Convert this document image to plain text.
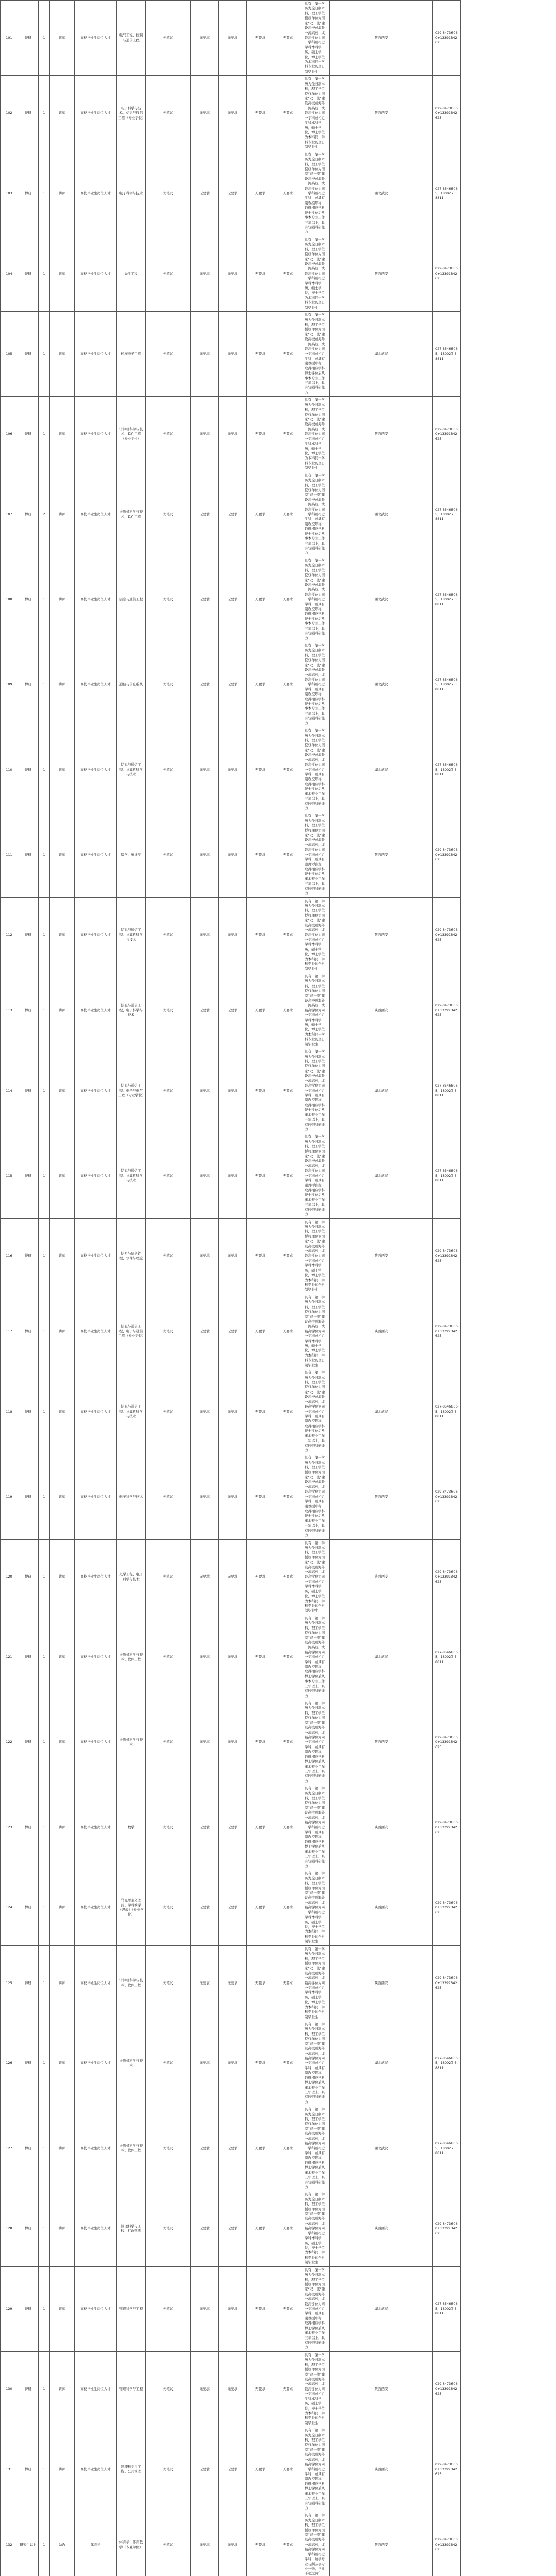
101	博研	1	讲师	高校毕业生岗位人才	电气工程、控制与通信工程	先笔试	无要求	无要求	无要求	无要求	具有：第一学历为全日制本科，理工学位授权单位为国家“双一流”建设高校或海外一流高校；或最高学位为同一学科或相近学科本科学历，硕士学位，博士学位为本科同一学科专业的全日制毕业生	陕西西安	029-84736060+13399342625
102	博研	1	讲师	高校毕业生岗位人才	电子科学与技术、信息与通信工程（专业学位）	先笔试	无要求	无要求	无要求	无要求	具有：第一学历为全日制本科，理工学位授权单位为国家“双一流”建设高校或海外一流高校；或最高学位为同一学科或相近学科本科学历，硕士学位，博士学位为本科同一学科专业的全日制毕业生	陕西西安	029-84736060+13399342625
103	博研	1	讲师	高校毕业生岗位人才	电子科学与技术	先笔试	无要求	无要求	无要求	无要求	具有：第一学历为全日制本科，理工学位授权单位为国家“双一流”建设高校或海外一流高校，或最高学位为同一学科或相近学科；或具有副教授职称，取得相应学科博士学位后从事本专业工作三年以上，具有较强科研能力	湖北武汉	027-85468065，180027 38811
104	博研	1	讲师	高校毕业生岗位人才	光学工程	先笔试	无要求	无要求	无要求	无要求	具有：第一学历为全日制本科，理工学位授权单位为国家“双一流”建设高校或海外一流高校；或最高学位为同一学科或相近学科本科学历，硕士学位，博士学位为本科同一学科专业的全日制毕业生	陕西西安	029-84736060+13399342625
105	博研	1	讲师	高校毕业生岗位人才	机械电子工程	先笔试	无要求	无要求	无要求	无要求	具有：第一学历为全日制本科，理工学位授权单位为国家“双一流”建设高校或海外一流高校，或最高学位为同一学科或相近学科；或具有副教授职称，取得相应学科博士学位后从事本专业工作三年以上，具有较强科研能力	湖北武汉	027-85468065，180027 38811
106	博研	1	讲师	高校毕业生岗位人才	计算机科学与技术、软件工程（专业学位）	先笔试	无要求	无要求	无要求	无要求	具有：第一学历为全日制本科，理工学位授权单位为国家“双一流”建设高校或海外一流高校；或最高学位为同一学科或相近学科本科学历，硕士学位，博士学位为本科同一学科专业的全日制毕业生	陕西西安	029-84736060+13399342625
107	博研	2	讲师	高校毕业生岗位人才	计算机科学与技术、软件工程	先笔试	无要求	无要求	无要求	无要求	具有：第一学历为全日制本科，理工学位授权单位为国家“双一流”建设高校或海外一流高校，或最高学位为同一学科或相近学科；或具有副教授职称，取得相应学科博士学位后从事本专业工作三年以上，具有较强科研能力	湖北武汉	027-85468065，180027 38811
108	博研	1	讲师	高校毕业生岗位人才	信息与通信工程	先笔试	无要求	无要求	无要求	无要求	具有：第一学历为全日制本科，理工学位授权单位为国家“双一流”建设高校或海外一流高校，或最高学位为同一学科或相近学科；或具有副教授职称，取得相应学科博士学位后从事本专业工作三年以上，具有较强科研能力	湖北武汉	027-85468065，180027 38811
109	博研	1	讲师	高校毕业生岗位人才	通信与信息系统	先笔试	无要求	无要求	无要求	无要求	具有：第一学历为全日制本科，理工学位授权单位为国家“双一流”建设高校或海外一流高校，或最高学位为同一学科或相近学科；或具有副教授职称，取得相应学科博士学位后从事本专业工作三年以上，具有较强科研能力	湖北武汉	027-85468065，180027 38811
110	博研	1	讲师	高校毕业生岗位人才	信息与通信工程、计算机科学与技术	先笔试	无要求	无要求	无要求	无要求	具有：第一学历为全日制本科，理工学位授权单位为国家“双一流”建设高校或海外一流高校，或最高学位为同一学科或相近学科；或具有副教授职称，取得相应学科博士学位后从事本专业工作三年以上，具有较强科研能力	湖北武汉	027-85468065，180027 38811
111	博研	1	讲师	高校毕业生岗位人才	数学、统计学	先笔试	无要求	无要求	无要求	无要求	具有：第一学历为全日制本科，理工学位授权单位为国家“双一流”建设高校或海外一流高校，或最高学位为同一学科或相近学科；或具有副教授职称，取得相应学科博士学位后从事本专业工作三年以上，具有较强科研能力	陕西西安	029-84736060+13399342625
112	博研	1	讲师	高校毕业生岗位人才	信息与通信工程、计算机科学与技术	先笔试	无要求	无要求	无要求	无要求	具有：第一学历为全日制本科，理工学位授权单位为国家“双一流”建设高校或海外一流高校；或最高学位为同一学科或相近学科本科学历，硕士学位，博士学位为本科同一学科专业的全日制毕业生	陕西西安	029-84736060+13399342625
113	博研	1	讲师	高校毕业生岗位人才	信息与通信工程、电子科学与技术	先笔试	无要求	无要求	无要求	无要求	具有：第一学历为全日制本科，理工学位授权单位为国家“双一流”建设高校或海外一流高校；或最高学位为同一学科或相近学科本科学历，硕士学位，博士学位为本科同一学科专业的全日制毕业生	陕西西安	029-84736060+13399342625
114	博研	1	讲师	高校毕业生岗位人才	信息与通信工程、电子与电气工程（专业学位）	先笔试	无要求	无要求	无要求	无要求	具有：第一学历为全日制本科，理工学位授权单位为国家“双一流”建设高校或海外一流高校，或最高学位为同一学科或相近学科；或具有副教授职称，取得相应学科博士学位后从事本专业工作三年以上，具有较强科研能力	湖北武汉	027-85468065，180027 38811
115	博研	1	讲师	高校毕业生岗位人才	信息与通信工程、计算机科学与技术	先笔试	无要求	无要求	无要求	无要求	具有：第一学历为全日制本科，理工学位授权单位为国家“双一流”建设高校或海外一流高校，或最高学位为同一学科或相近学科；或具有副教授职称，取得相应学科博士学位后从事本专业工作三年以上，具有较强科研能力	湖北武汉	027-85468065，180027 38811
116	博研	1	讲师	高校毕业生岗位人才	信号与信息处理、软件与理论	先笔试	无要求	无要求	无要求	无要求	具有：第一学历为全日制本科，理工学位授权单位为国家“双一流”建设高校或海外一流高校；或最高学位为同一学科或相近学科本科学历，硕士学位，博士学位为本科同一学科专业的全日制毕业生	陕西西安	029-84736060+13399342625
117	博研	1	讲师	高校毕业生岗位人才	信息与通信工程、电子与通信工程（专业学位）	先笔试	无要求	无要求	无要求	无要求	具有：第一学历为全日制本科，理工学位授权单位为国家“双一流”建设高校或海外一流高校；或最高学位为同一学科或相近学科本科学历，硕士学位，博士学位为本科同一学科专业的全日制毕业生	陕西西安	029-84736060+13399342625
118	博研	1	讲师	高校毕业生岗位人才	信息与通信工程、计算机科学与技术	先笔试	无要求	无要求	无要求	无要求	具有：第一学历为全日制本科，理工学位授权单位为国家“双一流”建设高校或海外一流高校，或最高学位为同一学科或相近学科；或具有副教授职称，取得相应学科博士学位后从事本专业工作三年以上，具有较强科研能力	湖北武汉	027-85468065，180027 38811
119	博研	1	讲师	高校毕业生岗位人才	电子科学与技术	先笔试	无要求	无要求	无要求	无要求	具有：第一学历为全日制本科，理工学位授权单位为国家“双一流”建设高校或海外一流高校，或最高学位为同一学科或相近学科；或具有副教授职称，取得相应学科博士学位后从事本专业工作三年以上，具有较强科研能力	陕西西安	029-84736060+13399342625
120	博研	1	讲师	高校毕业生岗位人才	光学工程、电子科学与技术	先笔试	无要求	无要求	无要求	无要求	具有：第一学历为全日制本科，理工学位授权单位为国家“双一流”建设高校或海外一流高校；或最高学位为同一学科或相近学科本科学历，硕士学位，博士学位为本科同一学科专业的全日制毕业生	陕西西安	029-84736060+13399342625
121	博研	1	讲师	高校毕业生岗位人才	计算机科学与技术、软件工程	先笔试	无要求	无要求	无要求	无要求	具有：第一学历为全日制本科，理工学位授权单位为国家“双一流”建设高校或海外一流高校，或最高学位为同一学科或相近学科；或具有副教授职称，取得相应学科博士学位后从事本专业工作三年以上，具有较强科研能力	湖北武汉	027-85468065，180027 38811
122	博研	1	讲师	高校毕业生岗位人才	计算机科学与技术	先笔试	无要求	无要求	无要求	无要求	具有：第一学历为全日制本科，理工学位授权单位为国家“双一流”建设高校或海外一流高校，或最高学位为同一学科或相近学科；或具有副教授职称，取得相应学科博士学位后从事本专业工作三年以上，具有较强科研能力	陕西西安	029-84736060+13399342625
123	博研	1	讲师	高校毕业生岗位人才	数学	先笔试	无要求	无要求	无要求	无要求	具有：第一学历为全日制本科，理工学位授权单位为国家“双一流”建设高校或海外一流高校，或最高学位为同一学科或相近学科；或具有副教授职称，取得相应学科博士学位后从事本专业工作三年以上，具有较强科研能力	陕西西安	029-84736060+13399342625
124	博研	1	讲师	高校毕业生岗位人才	马克思主义理论、学科教学（思政）（专业学位）	先笔试	无要求	无要求	无要求	无要求	具有：第一学历为全日制本科，理工学位授权单位为国家“双一流”建设高校或海外一流高校；或最高学位为同一学科或相近学科本科学历，硕士学位，博士学位为本科同一学科专业的全日制毕业生	陕西西安	029-84736060+13399342625
125	博研	1	讲师	高校毕业生岗位人才	计算机科学与技术、软件工程	先笔试	无要求	无要求	无要求	无要求	具有：第一学历为全日制本科，理工学位授权单位为国家“双一流”建设高校或海外一流高校；或最高学位为同一学科或相近学科本科学历，硕士学位，博士学位为本科同一学科专业的全日制毕业生	陕西西安	029-84736060+13399342625
126	博研	1	讲师	高校毕业生岗位人才	计算机科学与技术	先笔试	无要求	无要求	无要求	无要求	具有：第一学历为全日制本科，理工学位授权单位为国家“双一流”建设高校或海外一流高校，或最高学位为同一学科或相近学科；或具有副教授职称，取得相应学科博士学位后从事本专业工作三年以上，具有较强科研能力	湖北武汉	027-85468065，180027 38811
127	博研	1	讲师	高校毕业生岗位人才	计算机科学与技术、软件工程	先笔试	无要求	无要求	无要求	无要求	具有：第一学历为全日制本科，理工学位授权单位为国家“双一流”建设高校或海外一流高校，或最高学位为同一学科或相近学科；或具有副教授职称，取得相应学科博士学位后从事本专业工作三年以上，具有较强科研能力	湖北武汉	027-85468065，180027 38811
128	博研	1	讲师	高校毕业生岗位人才	管理科学与工程、行政管理	先笔试	无要求	无要求	无要求	无要求	具有：第一学历为全日制本科，理工学位授权单位为国家“双一流”建设高校或海外一流高校；或最高学位为同一学科或相近学科本科学历，硕士学位，博士学位为本科同一学科专业的全日制毕业生	陕西西安	029-84736060+13399342625
129	博研	1	讲师	高校毕业生岗位人才	管理科学与工程	先笔试	无要求	无要求	无要求	无要求	具有：第一学历为全日制本科，理工学位授权单位为国家“双一流”建设高校或海外一流高校，或最高学位为同一学科或相近学科；或具有副教授职称，取得相应学科博士学位后从事本专业工作三年以上，具有较强科研能力	湖北武汉	027-85468065，180027 38811
130	博研	1	讲师	高校毕业生岗位人才	管理科学与工程	先笔试	无要求	无要求	无要求	无要求	具有：第一学历为全日制本科，理工学位授权单位为国家“双一流”建设高校或海外一流高校；或最高学位为同一学科或相近学科本科学历，硕士学位，博士学位为本科同一学科专业的全日制毕业生	陕西西安	029-84736060+13399342625
131	博研	1	讲师	高校毕业生岗位人才	管理科学与工程、公共管理	先笔试	无要求	无要求	无要求	无要求	具有：第一学历为全日制本科，理工学位授权单位为国家“双一流”建设高校或海外一流高校，或最高学位为同一学科或相近学科；或具有副教授职称，取得相应学科博士学位后从事本专业工作三年以上，具有较强科研能力	陕西西安	029-84736060+13399342625
132	研究生以上	1	助教	体育学	体育学、体育教学（专业学位）	先笔试	无要求	无要求	无要求	无要求	具有：第一学历为全日制本科，理工学位授权单位为国家“双一流”建设高校或海外一流高校，或最高学位为同一学科或相近学科；所学专业与所从事专业一致，毕业不超过两年	陕西西安	029-84736060+13399342625
